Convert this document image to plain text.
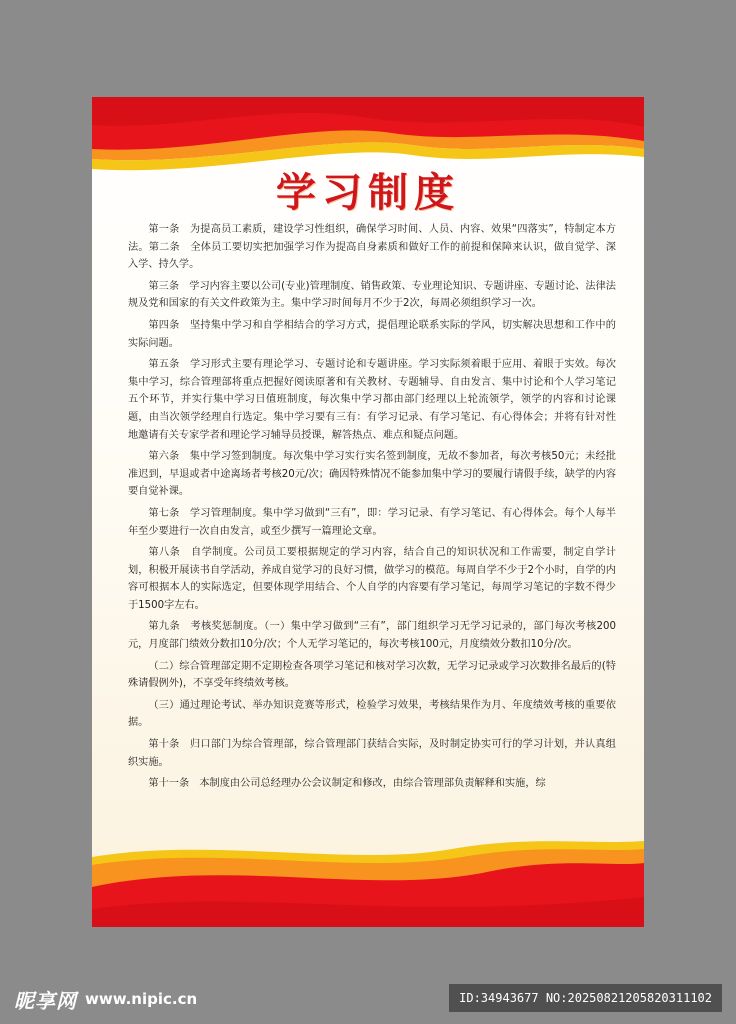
学习制度

第一条　为提高员工素质，建设学习性组织，确保学习时间、人员、内容、效果“四落实”，特制定本方法。第二条　全体员工要切实把加强学习作为提高自身素质和做好工作的前提和保障来认识，做自觉学、深入学、持久学。

第三条　学习内容主要以公司(专业)管理制度、销售政策、专业理论知识、专题讲座、专题讨论、法律法规及党和国家的有关文件政策为主。集中学习时间每月不少于2次，每周必须组织学习一次。

第四条　坚持集中学习和自学相结合的学习方式，提倡理论联系实际的学风，切实解决思想和工作中的实际问题。

第五条　学习形式主要有理论学习、专题讨论和专题讲座。学习实际须着眼于应用、着眼于实效。每次集中学习，综合管理部将重点把握好阅读原著和有关教材、专题辅导、自由发言、集中讨论和个人学习笔记五个环节，并实行集中学习日值班制度，每次集中学习都由部门经理以上轮流领学，领学的内容和讨论课题，由当次领学经理自行选定。集中学习要有三有：有学习记录、有学习笔记、有心得体会；并将有针对性地邀请有关专家学者和理论学习辅导员授课，解答热点、难点和疑点问题。

第六条　集中学习签到制度。每次集中学习实行实名签到制度，无故不参加者，每次考核50元；未经批准迟到，早退或者中途离场者考核20元/次；确因特殊情况不能参加集中学习的要履行请假手续，缺学的内容要自觉补课。

第七条　学习管理制度。集中学习做到“三有”，即：学习记录、有学习笔记、有心得体会。每个人每半年至少要进行一次自由发言，或至少撰写一篇理论文章。

第八条　自学制度。公司员工要根据规定的学习内容，结合自己的知识状况和工作需要，制定自学计划，积极开展读书自学活动，养成自觉学习的良好习惯，做学习的模范。每周自学不少于2个小时，自学的内容可根据本人的实际选定，但要体现学用结合、个人自学的内容要有学习笔记，每周学习笔记的字数不得少于1500字左右。

第九条　考核奖惩制度。（一）集中学习做到“三有”，部门组织学习无学习记录的，部门每次考核200元，月度部门绩效分数扣10分/次；个人无学习笔记的，每次考核100元，月度绩效分数扣10分/次。

（二）综合管理部定期不定期检查各项学习笔记和核对学习次数，无学习记录或学习次数排名最后的(特殊请假例外)，不享受年终绩效考核。

（三）通过理论考试、举办知识竞赛等形式，检验学习效果，考核结果作为月、年度绩效考核的重要依据。

第十条　归口部门为综合管理部，综合管理部门获结合实际，及时制定协实可行的学习计划，并认真组织实施。

第十一条　本制度由公司总经理办公会议制定和修改，由综合管理部负责解释和实施，综

昵享网 www.nipic.cn	ID:34943677 NO:20250821205820311102
